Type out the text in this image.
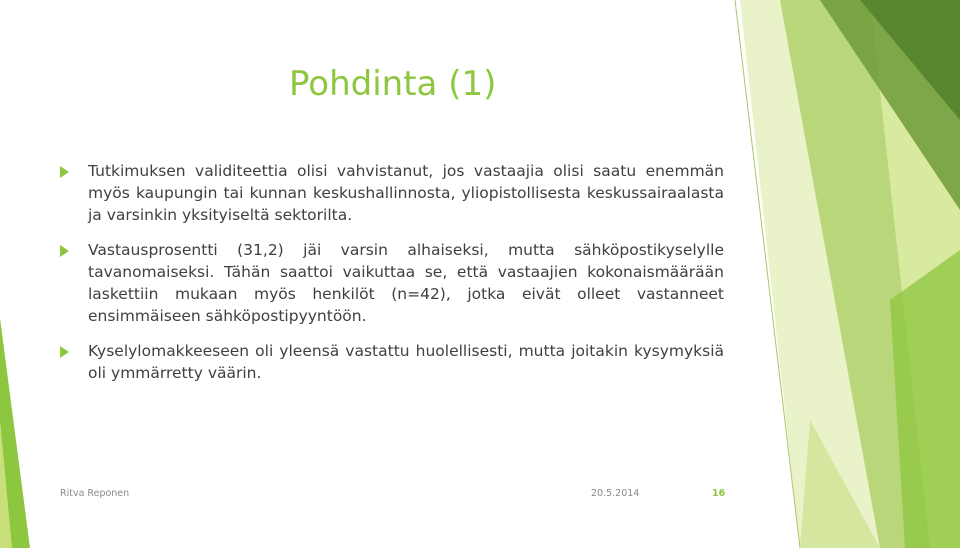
Pohdinta (1)
Tutkimuksen validiteettia olisi vahvistanut, jos vastaajia olisi saatu enemmän myös kaupungin tai kunnan keskushallinnosta, yliopistollisesta keskussairaalasta ja varsinkin yksityiseltä sektorilta.
Vastausprosentti (31,2) jäi varsin alhaiseksi, mutta sähköpostikyselylle tavanomaiseksi. Tähän saattoi vaikuttaa se, että vastaajien kokonaismäärään laskettiin mukaan myös henkilöt (n=42), jotka eivät olleet vastanneet ensimmäiseen sähköpostipyyntöön.
Kyselylomakkeeseen oli yleensä vastattu huolellisesti, mutta joitakin kysymyksiä oli ymmärretty väärin.
Ritva Reponen	20.5.2014	16
